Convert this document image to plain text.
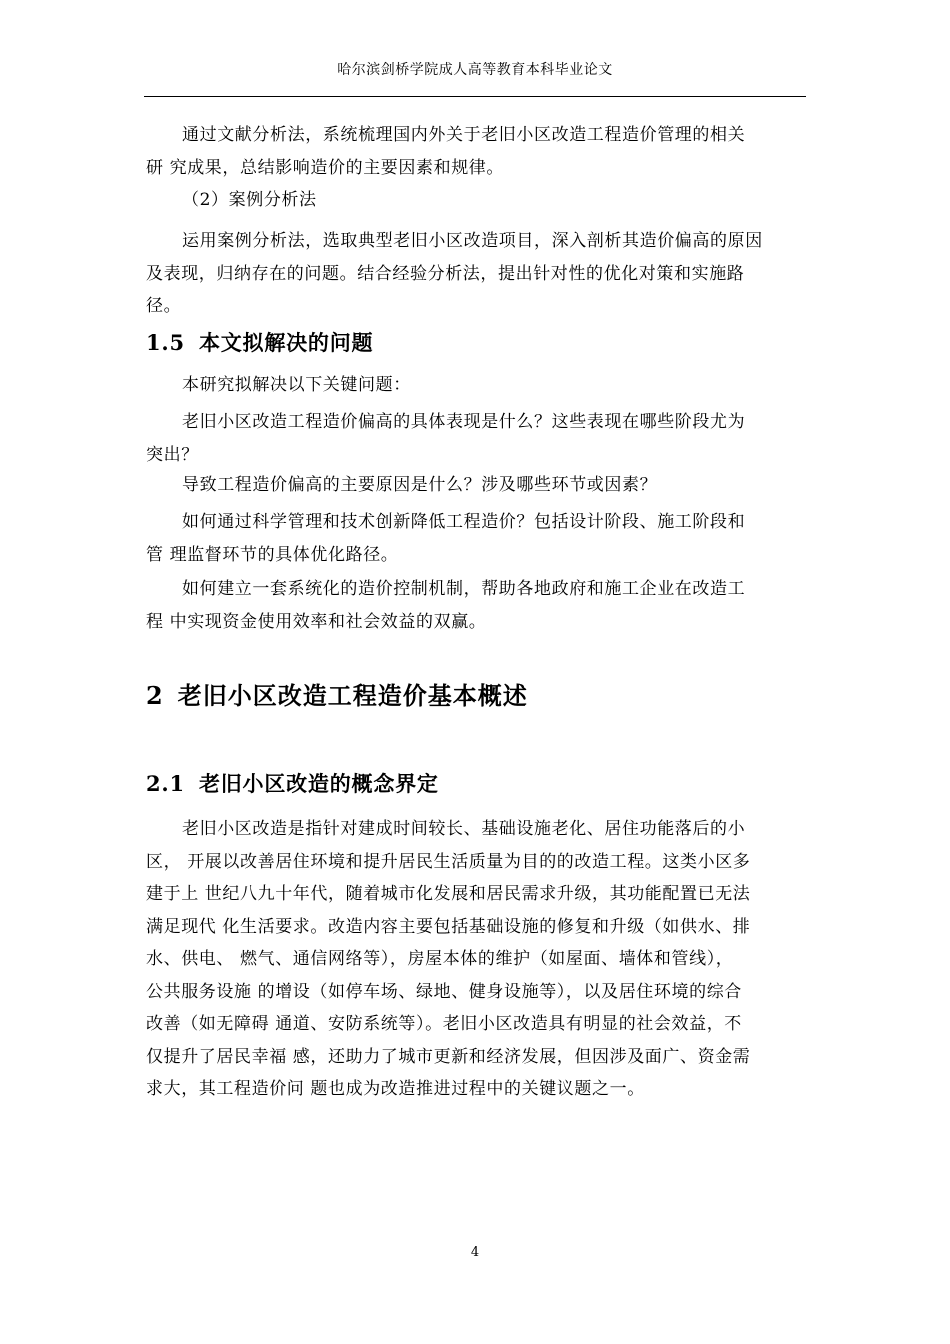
哈尔滨剑桥学院成人高等教育本科毕业论文

通过文献分析法，系统梳理国内外关于老旧小区改造工程造价管理的相关
研 究成果，总结影响造价的主要因素和规律。

（2）案例分析法

运用案例分析法，选取典型老旧小区改造项目，深入剖析其造价偏高的原因
及表现，归纳存在的问题。结合经验分析法，提出针对性的优化对策和实施路
径。

1.5 本文拟解决的问题

本研究拟解决以下关键问题：

老旧小区改造工程造价偏高的具体表现是什么？这些表现在哪些阶段尤为
突出？

导致工程造价偏高的主要原因是什么？涉及哪些环节或因素？

如何通过科学管理和技术创新降低工程造价？包括设计阶段、施工阶段和
管 理监督环节的具体优化路径。

如何建立一套系统化的造价控制机制，帮助各地政府和施工企业在改造工
程 中实现资金使用效率和社会效益的双赢。

2 老旧小区改造工程造价基本概述
2.1 老旧小区改造的概念界定

老旧小区改造是指针对建成时间较长、基础设施老化、居住功能落后的小
区， 开展以改善居住环境和提升居民生活质量为目的的改造工程。这类小区多
建于上 世纪八九十年代，随着城市化发展和居民需求升级，其功能配置已无法
满足现代 化生活要求。改造内容主要包括基础设施的修复和升级（如供水、排
水、供电、 燃气、通信网络等），房屋本体的维护（如屋面、墙体和管线），
公共服务设施 的增设（如停车场、绿地、健身设施等），以及居住环境的综合
改善（如无障碍 通道、安防系统等）。老旧小区改造具有明显的社会效益，不
仅提升了居民幸福 感，还助力了城市更新和经济发展，但因涉及面广、资金需
求大，其工程造价问 题也成为改造推进过程中的关键议题之一。

4
